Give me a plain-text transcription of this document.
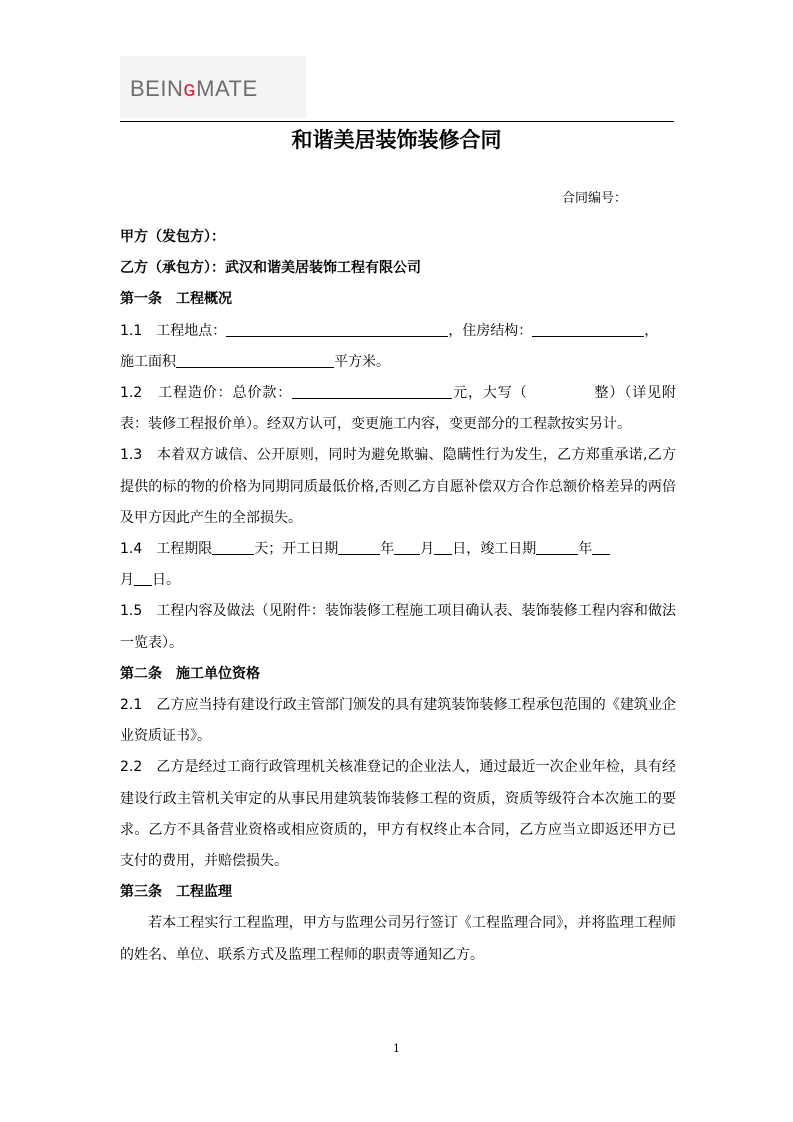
BEINɢMATE
和谐美居装饰装修合同
合同编号：

甲方（发包方）：

乙方（承包方）：武汉和谐美居装饰工程有限公司

第一条　工程概况

1.1　工程地点：	，住房结构：	，
施工面积	平方米。

1.2　工程造价：总价款：	元，大写（	整）（详见附表：装修工程报价单）。经双方认可，变更施工内容，变更部分的工程款按实另计。

1.3　本着双方诚信、公开原则，同时为避免欺骗、隐瞒性行为发生，乙方郑重承诺,乙方提供的标的物的价格为同期同质最低价格,否则乙方自愿补偿双方合作总额价格差异的两倍及甲方因此产生的全部损失。

1.4　工程期限	天；开工日期	年 月 日，竣工日期	年
月 日。

1.5　工程内容及做法（见附件：装饰装修工程施工项目确认表、装饰装修工程内容和做法一览表）。

第二条　施工单位资格

2.1　乙方应当持有建设行政主管部门颁发的具有建筑装饰装修工程承包范围的《建筑业企业资质证书》。

2.2　乙方是经过工商行政管理机关核准登记的企业法人，通过最近一次企业年检，具有经建设行政主管机关审定的从事民用建筑装饰装修工程的资质，资质等级符合本次施工的要求。乙方不具备营业资格或相应资质的，甲方有权终止本合同，乙方应当立即返还甲方已支付的费用，并赔偿损失。

第三条　工程监理

若本工程实行工程监理，甲方与监理公司另行签订《工程监理合同》，并将监理工程师的姓名、单位、联系方式及监理工程师的职责等通知乙方。

1
